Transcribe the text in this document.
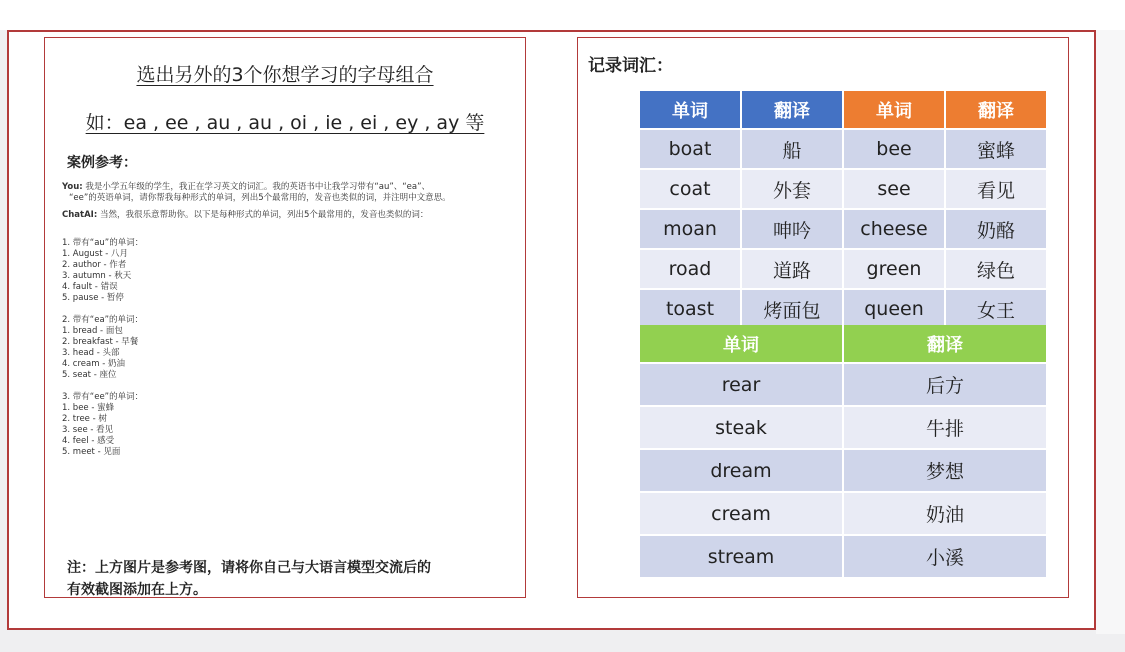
选出另外的3个你想学习的字母组合
如：ea , ee , au , au , oi , ie , ei , ey , ay 等
案例参考：
You: 我是小学五年级的学生，我正在学习英文的词汇。我的英语书中让我学习带有“au”、“ea”、
“ee”的英语单词，请你帮我每种形式的单词，列出5个最常用的，发音也类似的词，并注明中文意思。
ChatAI: 当然，我很乐意帮助你。以下是每种形式的单词，列出5个最常用的，发音也类似的词：
1. 带有“au”的单词：
1. August - 八月
2. author - 作者
3. autumn - 秋天
4. fault - 错误
5. pause - 暂停
2. 带有“ea”的单词：
1. bread - 面包
2. breakfast - 早餐
3. head - 头部
4. cream - 奶油
5. seat - 座位
3. 带有“ee”的单词：
1. bee - 蜜蜂
2. tree - 树
3. see - 看见
4. feel - 感受
5. meet - 见面
注：上方图片是参考图，请将你自己与大语言模型交流后的
有效截图添加在上方。
记录词汇：
单词	翻译	单词	翻译
boat	船	bee	蜜蜂
coat	外套	see	看见
moan	呻吟	cheese	奶酪
road	道路	green	绿色
toast	烤面包	queen	女王
单词	翻译
rear	后方
steak	牛排
dream	梦想
cream	奶油
stream	小溪
